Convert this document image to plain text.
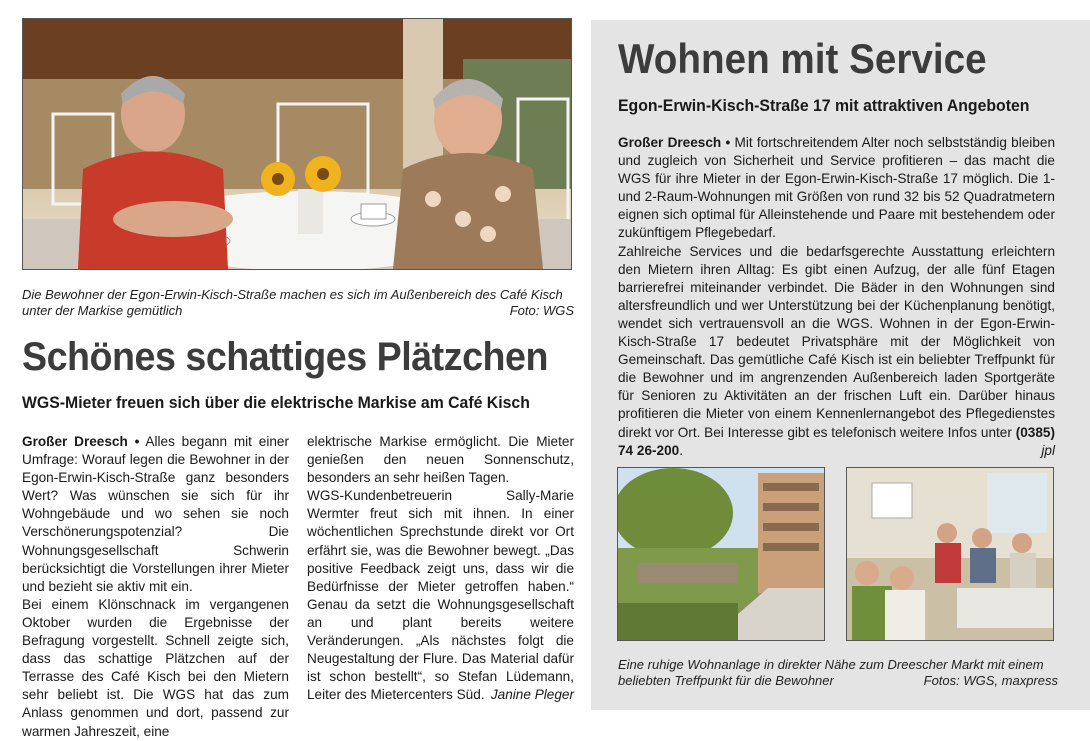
Die Bewohner der Egon-Erwin-Kisch-Straße machen es sich im Außenbereich des Café Kisch unter der Markise gemütlich	Foto: WGS
Schönes schattiges Plätzchen
WGS-Mieter freuen sich über die elektrische Markise am Café Kisch

Großer Dreesch • Alles begann mit einer Umfrage: Worauf legen die Bewohner in der Egon-Erwin-Kisch-Straße ganz besonders Wert? Was wünschen sie sich für ihr Wohngebäude und wo sehen sie noch Verschönerungspotenzial? Die Wohnungsgesellschaft Schwerin berücksichtigt die Vorstellungen ihrer Mieter und bezieht sie aktiv mit ein.

Bei einem Klönschnack im vergangenen Oktober wurden die Ergebnisse der Befragung vorgestellt. Schnell zeigte sich, dass das schattige Plätzchen auf der Terrasse des Café Kisch bei den Mietern sehr beliebt ist. Die WGS hat das zum Anlass genommen und dort, passend zur warmen Jahreszeit, eine

elektrische Markise ermöglicht. Die Mieter genießen den neuen Sonnenschutz, besonders an sehr heißen Tagen.

WGS-Kundenbetreuerin Sally-Marie Wermter freut sich mit ihnen. In einer wöchentlichen Sprechstunde direkt vor Ort erfährt sie, was die Bewohner bewegt. „Das positive Feedback zeigt uns, dass wir die Bedürfnisse der Mieter getroffen haben.“ Genau da setzt die Wohnungsgesellschaft an und plant bereits weitere Veränderungen. „Als nächstes folgt die Neugestaltung der Flure. Das Material dafür ist schon bestellt“, so Stefan Lüdemann, Leiter des Mietercenters Süd. Janine Pleger

Wohnen mit Service
Egon-Erwin-Kisch-Straße 17 mit attraktiven Angeboten

Großer Dreesch • Mit fortschreitendem Alter noch selbstständig bleiben und zugleich von Sicherheit und Service profitieren – das macht die WGS für ihre Mieter in der Egon-Erwin-Kisch-Straße 17 möglich. Die 1- und 2-Raum-Wohnungen mit Größen von rund 32 bis 52 Quadratmetern eignen sich optimal für Alleinstehende und Paare mit bestehendem oder zukünftigem Pflegebedarf.

Zahlreiche Services und die bedarfsgerechte Ausstattung erleichtern den Mietern ihren Alltag: Es gibt einen Aufzug, der alle fünf Etagen barrierefrei miteinander verbindet. Die Bäder in den Wohnungen sind altersfreundlich und wer Unterstützung bei der Küchenplanung benötigt, wendet sich vertrauensvoll an die WGS. Wohnen in der Egon-Erwin-Kisch-Straße 17 bedeutet Privatsphäre mit der Möglichkeit von Gemeinschaft. Das gemütliche Café Kisch ist ein beliebter Treffpunkt für die Bewohner und im angrenzenden Außenbereich laden Sportgeräte für Senioren zu Aktivitäten an der frischen Luft ein. Darüber hinaus profitieren die Mieter von einem Kennenlernangebot des Pflegedienstes direkt vor Ort. Bei Interesse gibt es telefonisch weitere Infos unter (0385) 74 26-200.	jpl

Eine ruhige Wohnanlage in direkter Nähe zum Dreescher Markt mit einem beliebten Treffpunkt für die Bewohner	Fotos: WGS, maxpress
